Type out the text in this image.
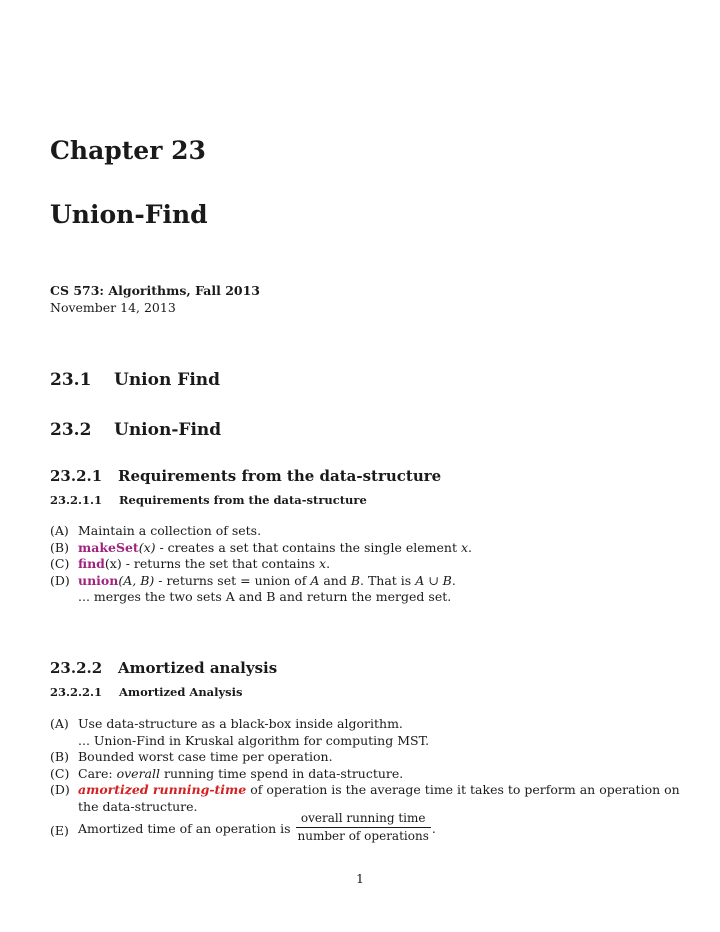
Chapter 23
Union-Find
CS 573: Algorithms, Fall 2013
November 14, 2013
23.1 Union Find
23.2 Union-Find
23.2.1 Requirements from the data-structure
23.2.1.1 Requirements from the data-structure
(A) Maintain a collection of sets.
(B) makeSet(x) - creates a set that contains the single element x.
(C) find(x) - returns the set that contains x.
(D) union(A, B) - returns set = union of A and B. That is A ∪ B.
... merges the two sets A and B and return the merged set.
23.2.2 Amortized analysis
23.2.2.1 Amortized Analysis
(A) Use data-structure as a black-box inside algorithm.
... Union-Find in Kruskal algorithm for computing MST.
(B) Bounded worst case time per operation.
(C) Care: overall running time spend in data-structure.
(D) amortized running-time of operation is the average time it takes to perform an operation on
the data-structure.
(E) Amortized time of an operation is $\frac{\text{overall running time}}{\text{number of operations}}$ .
1
